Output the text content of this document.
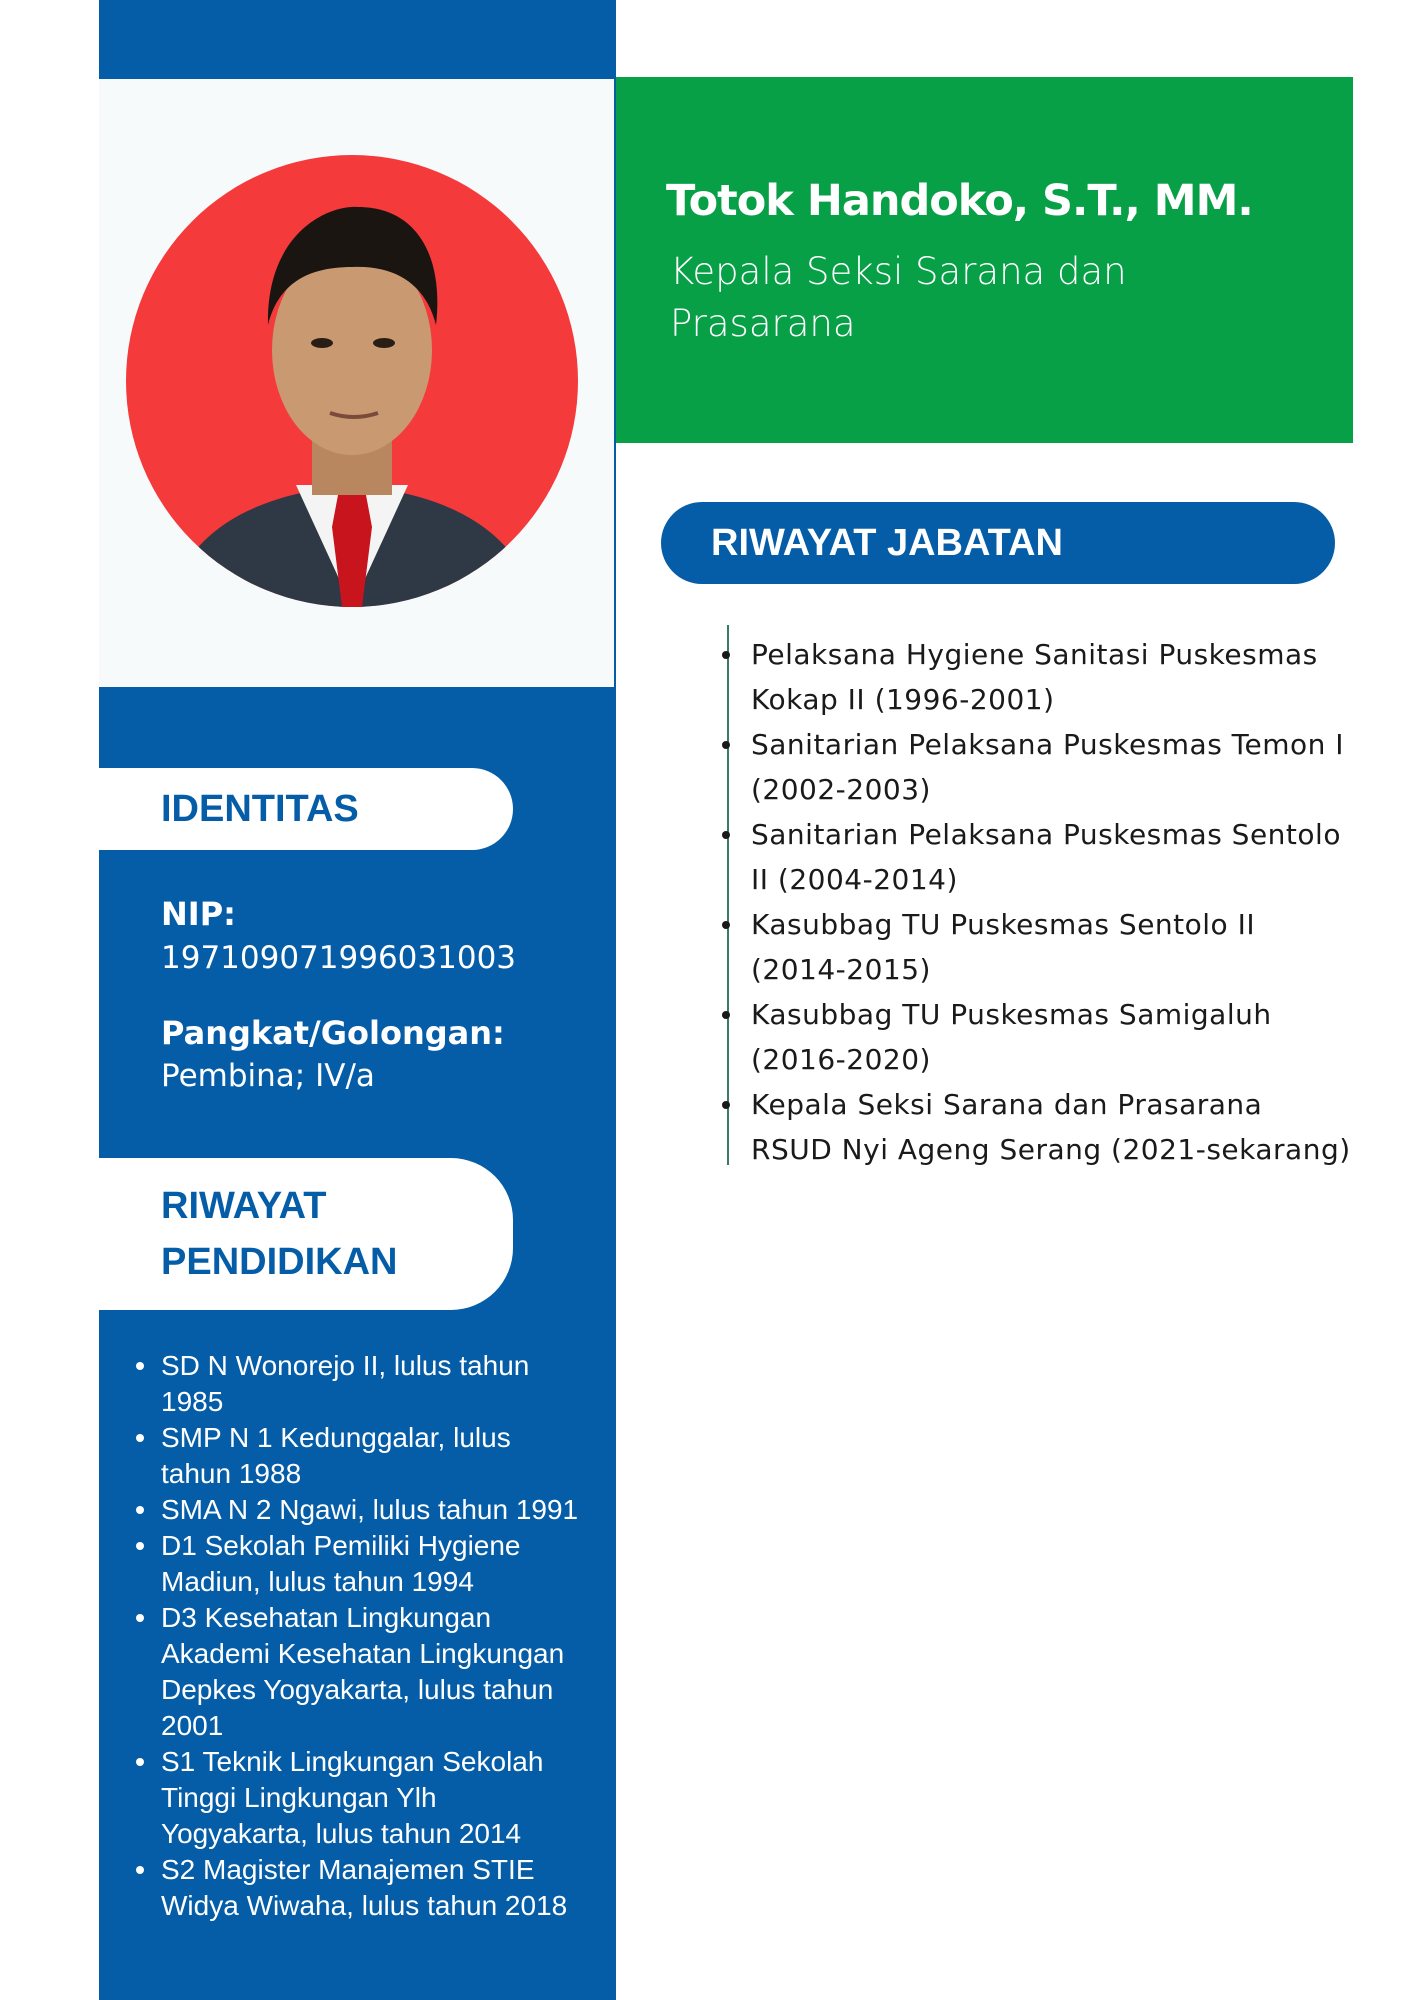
Totok Handoko, S.T., MM.
Kepala Seksi Sarana dan Prasarana
RIWAYAT JABATAN
Pelaksana Hygiene Sanitasi Puskesmas Kokap II (1996-2001)
Sanitarian Pelaksana Puskesmas Temon I (2002-2003)
Sanitarian Pelaksana Puskesmas Sentolo II (2004-2014)
Kasubbag TU Puskesmas Sentolo II (2014-2015)
Kasubbag TU Puskesmas Samigaluh (2016-2020)
Kepala Seksi Sarana dan Prasarana RSUD Nyi Ageng Serang (2021-sekarang)
IDENTITAS
NIP:
197109071996031003
Pangkat/Golongan:
Pembina; IV/a
RIWAYAT
PENDIDIKAN
SD N Wonorejo II, lulus tahun 1985
SMP N 1 Kedunggalar, lulus tahun 1988
SMA N 2 Ngawi, lulus tahun 1991
D1 Sekolah Pemiliki Hygiene Madiun, lulus tahun 1994
D3 Kesehatan Lingkungan Akademi Kesehatan Lingkungan Depkes Yogyakarta, lulus tahun 2001
S1 Teknik Lingkungan Sekolah Tinggi Lingkungan Ylh Yogyakarta, lulus tahun 2014
S2 Magister Manajemen STIE Widya Wiwaha, lulus tahun 2018
